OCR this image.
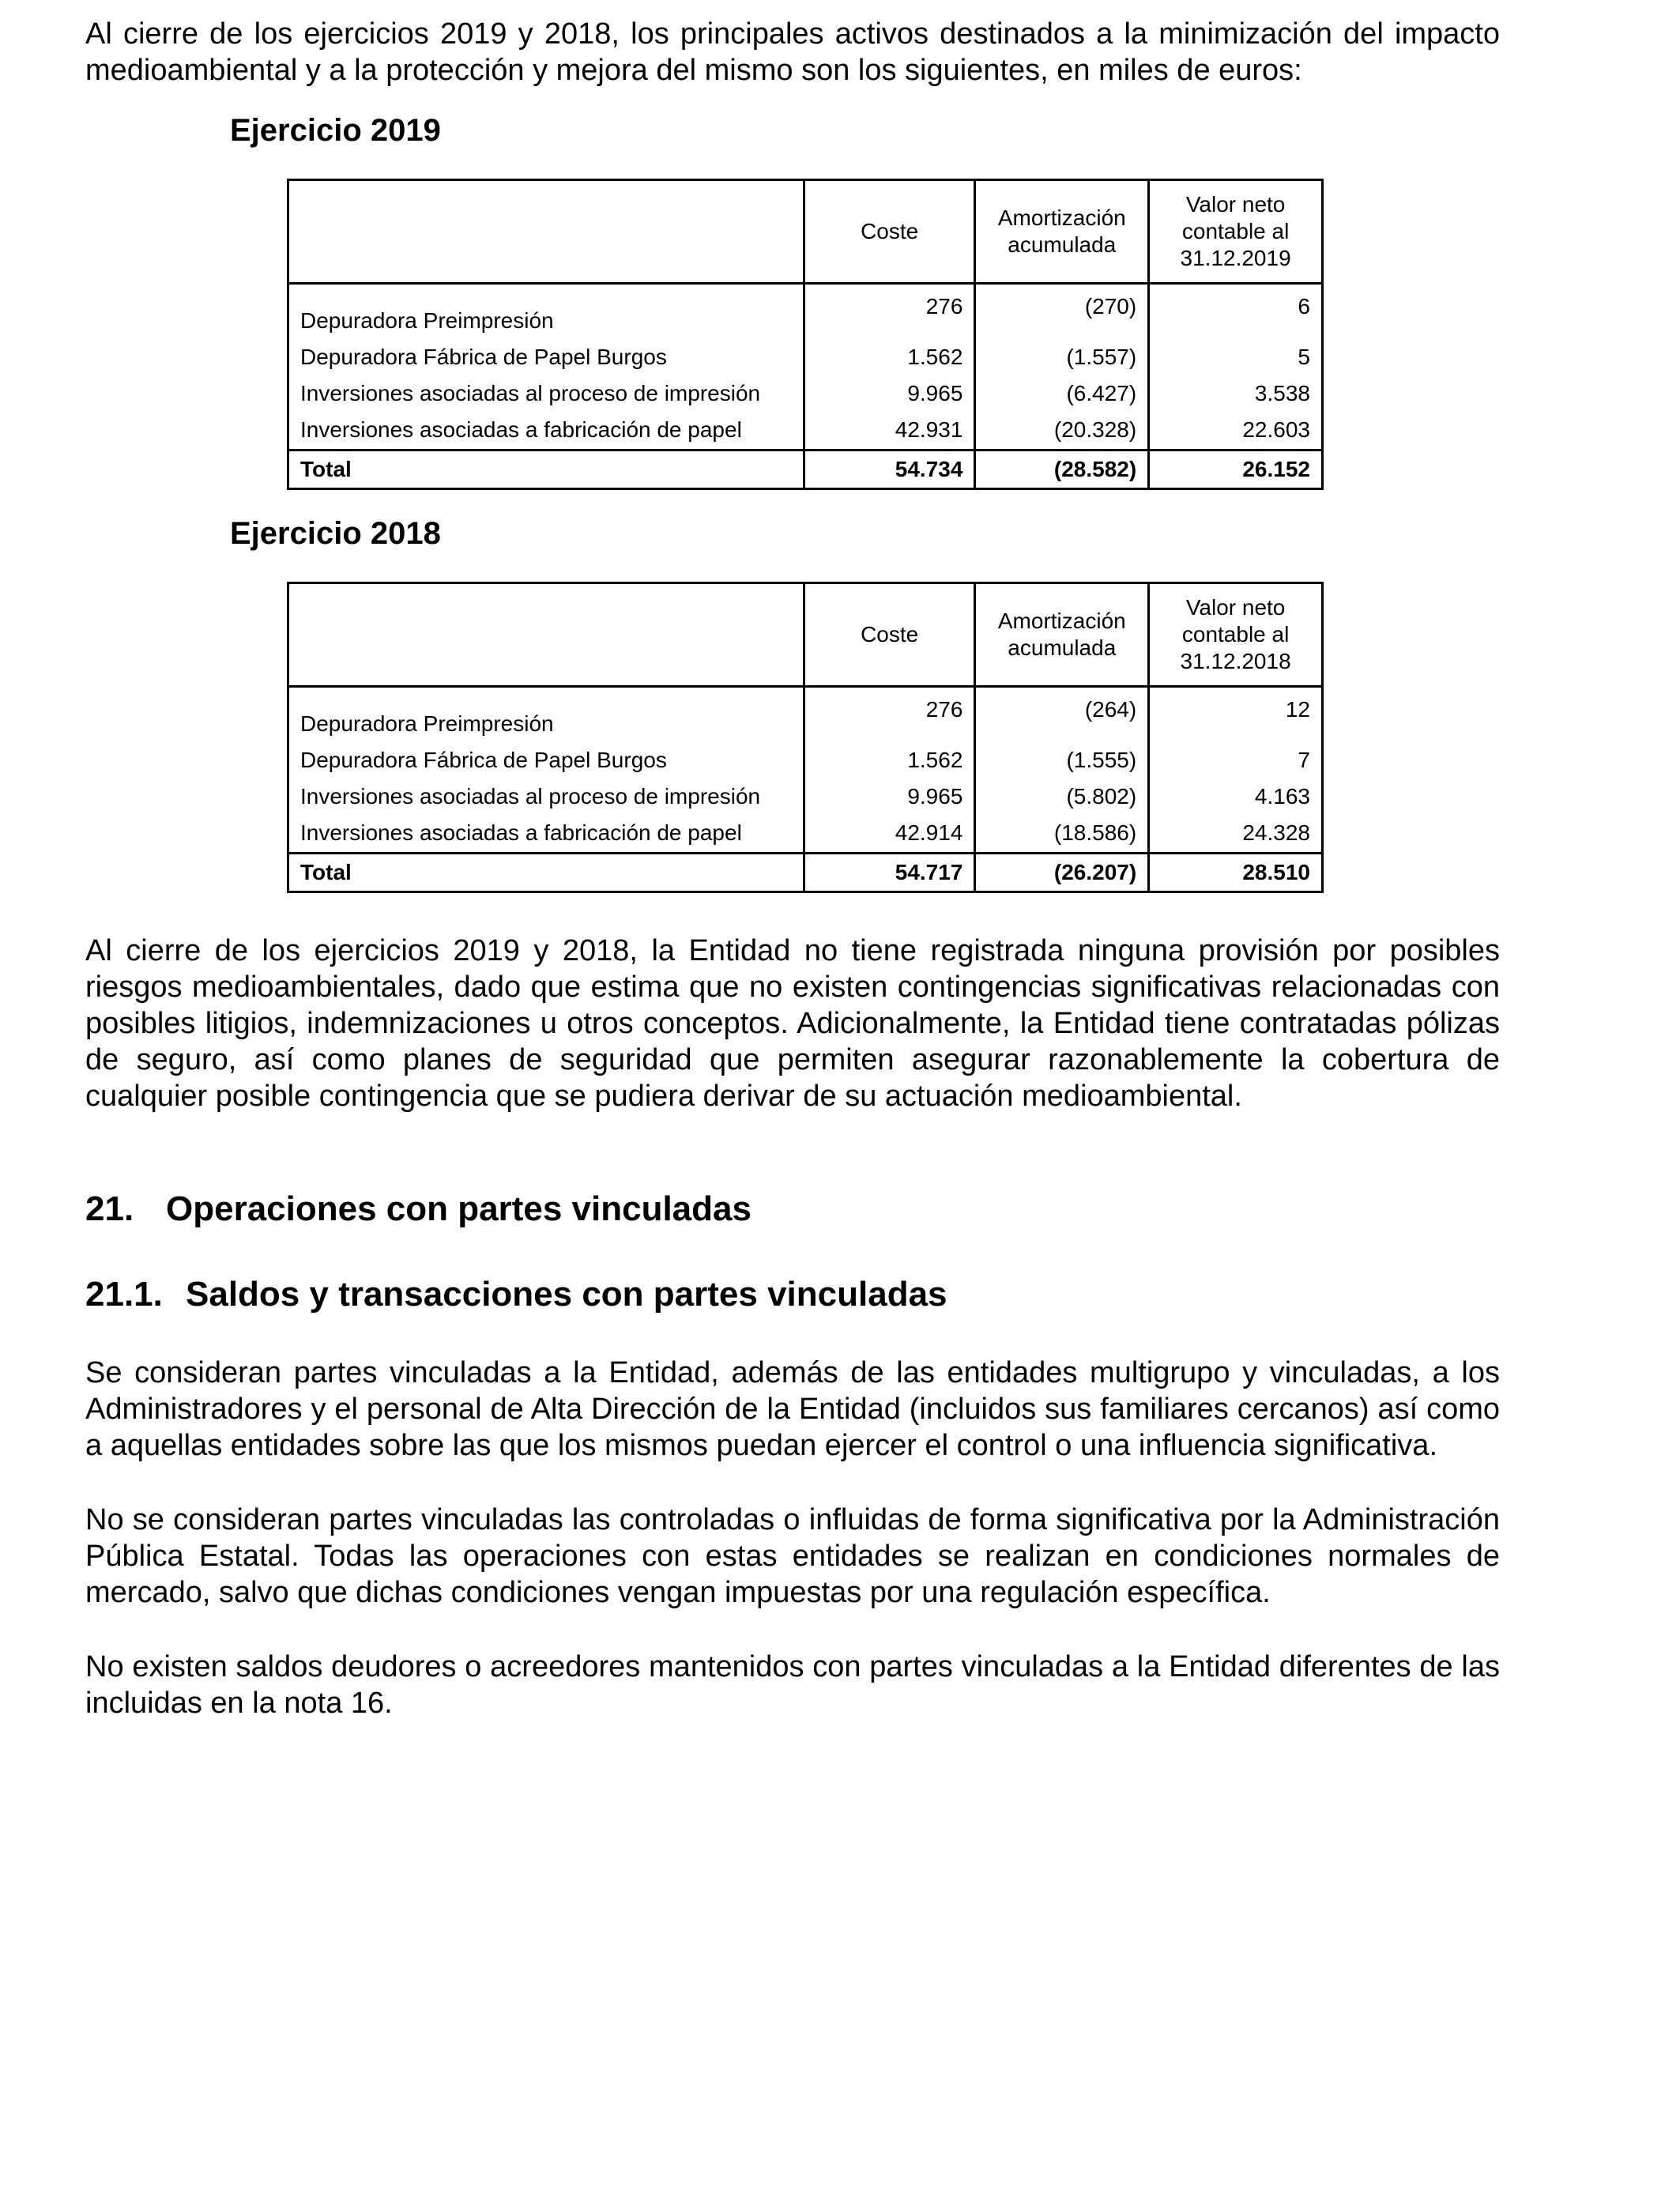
Al cierre de los ejercicios 2019 y 2018, los principales activos destinados a la minimización del impacto medioambiental y a la protección y mejora del mismo son los siguientes, en miles de euros:

Ejercicio 2019
	Coste	Amortización acumulada	Valor neto contable al 31.12.2019

Depuradora Preimpresión	276	(270)	6
Depuradora Fábrica de Papel Burgos	1.562	(1.557)	5
Inversiones asociadas al proceso de impresión	9.965	(6.427)	3.538
Inversiones asociadas a fabricación de papel	42.931	(20.328)	22.603
Total	54.734	(28.582)	26.152
Ejercicio 2018
	Coste	Amortización acumulada	Valor neto contable al 31.12.2018

Depuradora Preimpresión	276	(264)	12
Depuradora Fábrica de Papel Burgos	1.562	(1.555)	7
Inversiones asociadas al proceso de impresión	9.965	(5.802)	4.163
Inversiones asociadas a fabricación de papel	42.914	(18.586)	24.328
Total	54.717	(26.207)	28.510

Al cierre de los ejercicios 2019 y 2018, la Entidad no tiene registrada ninguna provisión por posibles riesgos medioambientales, dado que estima que no existen contingencias significativas relacionadas con posibles litigios, indemnizaciones u otros conceptos. Adicionalmente, la Entidad tiene contratadas pólizas de seguro, así como planes de seguridad que permiten asegurar razonablemente la cobertura de cualquier posible contingencia que se pudiera derivar de su actuación medioambiental.

21. Operaciones con partes vinculadas
21.1. Saldos y transacciones con partes vinculadas

Se consideran partes vinculadas a la Entidad, además de las entidades multigrupo y vinculadas, a los Administradores y el personal de Alta Dirección de la Entidad (incluidos sus familiares cercanos) así como a aquellas entidades sobre las que los mismos puedan ejercer el control o una influencia significativa.

No se consideran partes vinculadas las controladas o influidas de forma significativa por la Administración Pública Estatal. Todas las operaciones con estas entidades se realizan en condiciones normales de mercado, salvo que dichas condiciones vengan impuestas por una regulación específica.

No existen saldos deudores o acreedores mantenidos con partes vinculadas a la Entidad diferentes de las incluidas en la nota 16.
